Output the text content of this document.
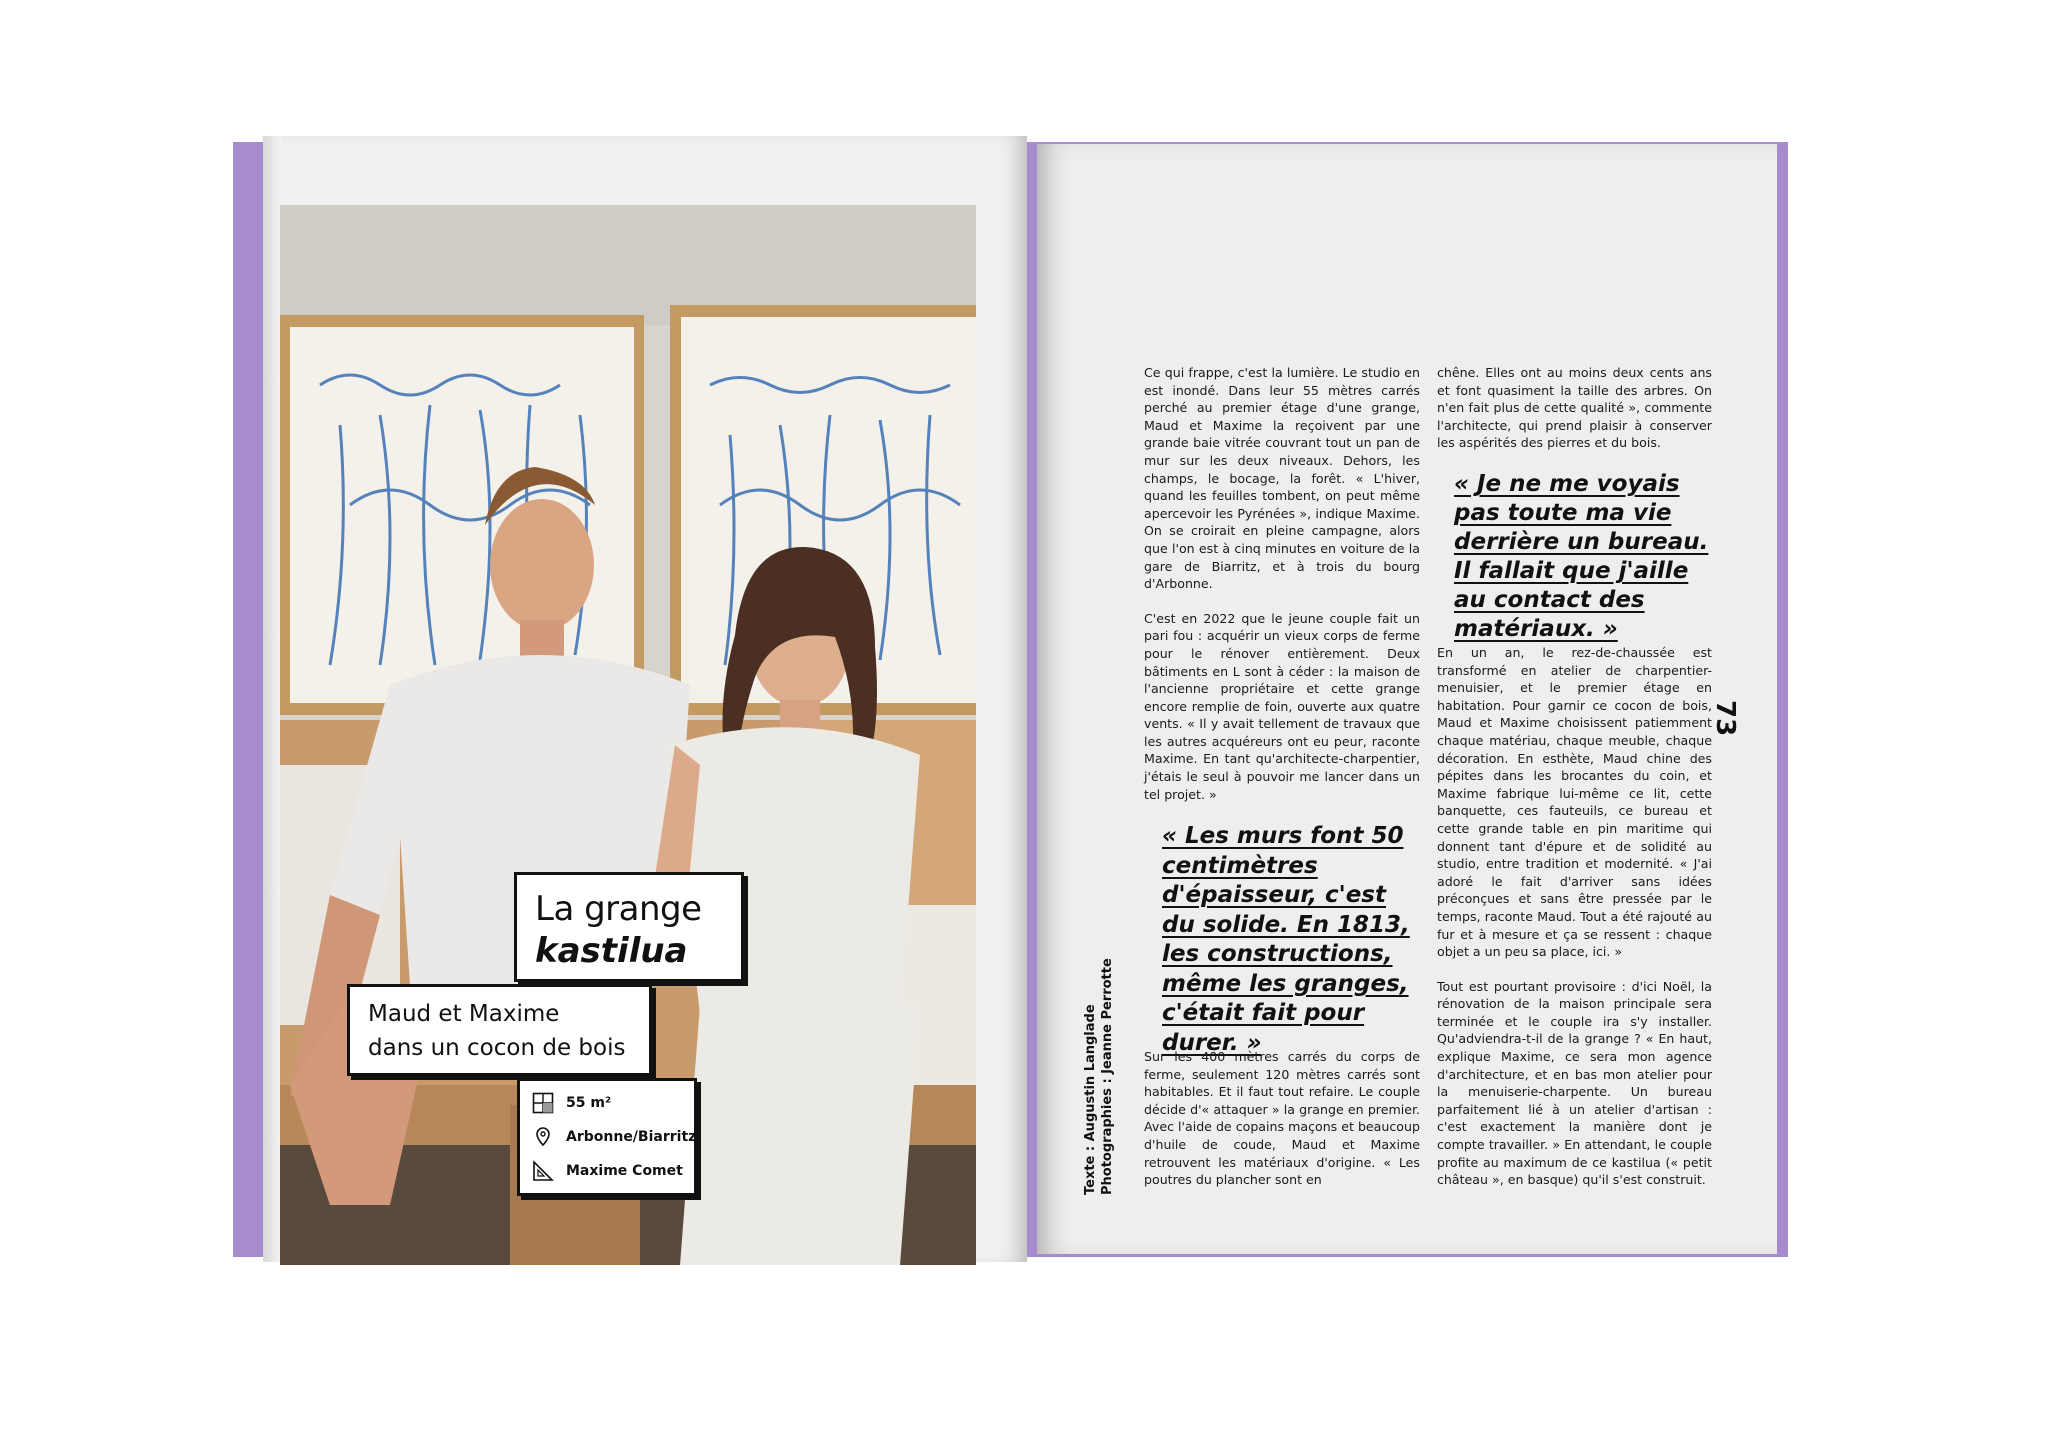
La grange
kastilua
Maud et Maxime
dans un cocon de bois
55 m²
Arbonne/Biarritz
Maxime Comet	Texte : Augustin Langlade Photographies : Jeanne Perrotte

Ce qui frappe, c'est la lumière. Le studio en est inondé. Dans leur 55 mètres carrés perché au premier étage d'une grange, Maud et Maxime la reçoivent par une grande baie vitrée couvrant tout un pan de mur sur les deux niveaux. Dehors, les champs, le bocage, la forêt. « L'hiver, quand les feuilles tombent, on peut même apercevoir les Pyrénées », indique Maxime. On se croirait en pleine campagne, alors que l'on est à cinq minutes en voiture de la gare de Biarritz, et à trois du bourg d'Arbonne.

C'est en 2022 que le jeune couple fait un pari fou : acquérir un vieux corps de ferme pour le rénover entièrement. Deux bâtiments en L sont à céder : la maison de l'ancienne propriétaire et cette grange encore remplie de foin, ouverte aux quatre vents. « Il y avait tellement de travaux que les autres acquéreurs ont eu peur, raconte Maxime. En tant qu'architecte-charpentier, j'étais le seul à pouvoir me lancer dans un tel projet. »

« Les murs font 50 centimètres d'épaisseur, c'est du solide. En 1813, les constructions, même les granges, c'était fait pour durer. »

Sur les 400 mètres carrés du corps de ferme, seulement 120 mètres carrés sont habitables. Et il faut tout refaire. Le couple décide d'« attaquer » la grange en premier. Avec l'aide de copains maçons et beaucoup d'huile de coude, Maud et Maxime retrouvent les matériaux d'origine. « Les poutres du plancher sont en

chêne. Elles ont au moins deux cents ans et font quasiment la taille des arbres. On n'en fait plus de cette qualité », commente l'architecte, qui prend plaisir à conserver les aspérités des pierres et du bois.

« Je ne me voyais pas toute ma vie derrière un bureau. Il fallait que j'aille au contact des matériaux. »

En un an, le rez-de-chaussée est transformé en atelier de charpentier-menuisier, et le premier étage en habitation. Pour garnir ce cocon de bois, Maud et Maxime choisissent patiemment chaque matériau, chaque meuble, chaque décoration. En esthète, Maud chine des pépites dans les brocantes du coin, et Maxime fabrique lui-même ce lit, cette banquette, ces fauteuils, ce bureau et cette grande table en pin maritime qui donnent tant d'épure et de solidité au studio, entre tradition et modernité. « J'ai adoré le fait d'arriver sans idées préconçues et sans être pressée par le temps, raconte Maud. Tout a été rajouté au fur et à mesure et ça se ressent : chaque objet a un peu sa place, ici. »

Tout est pourtant provisoire : d'ici Noël, la rénovation de la maison principale sera terminée et le couple ira s'y installer. Qu'adviendra-t-il de la grange ? « En haut, explique Maxime, ce sera mon agence d'architecture, et en bas mon atelier pour la menuiserie-charpente. Un bureau parfaitement lié à un atelier d'artisan : c'est exactement la manière dont je compte travailler. » En attendant, le couple profite au maximum de ce kastilua (« petit château », en basque) qu'il s'est construit.

73
